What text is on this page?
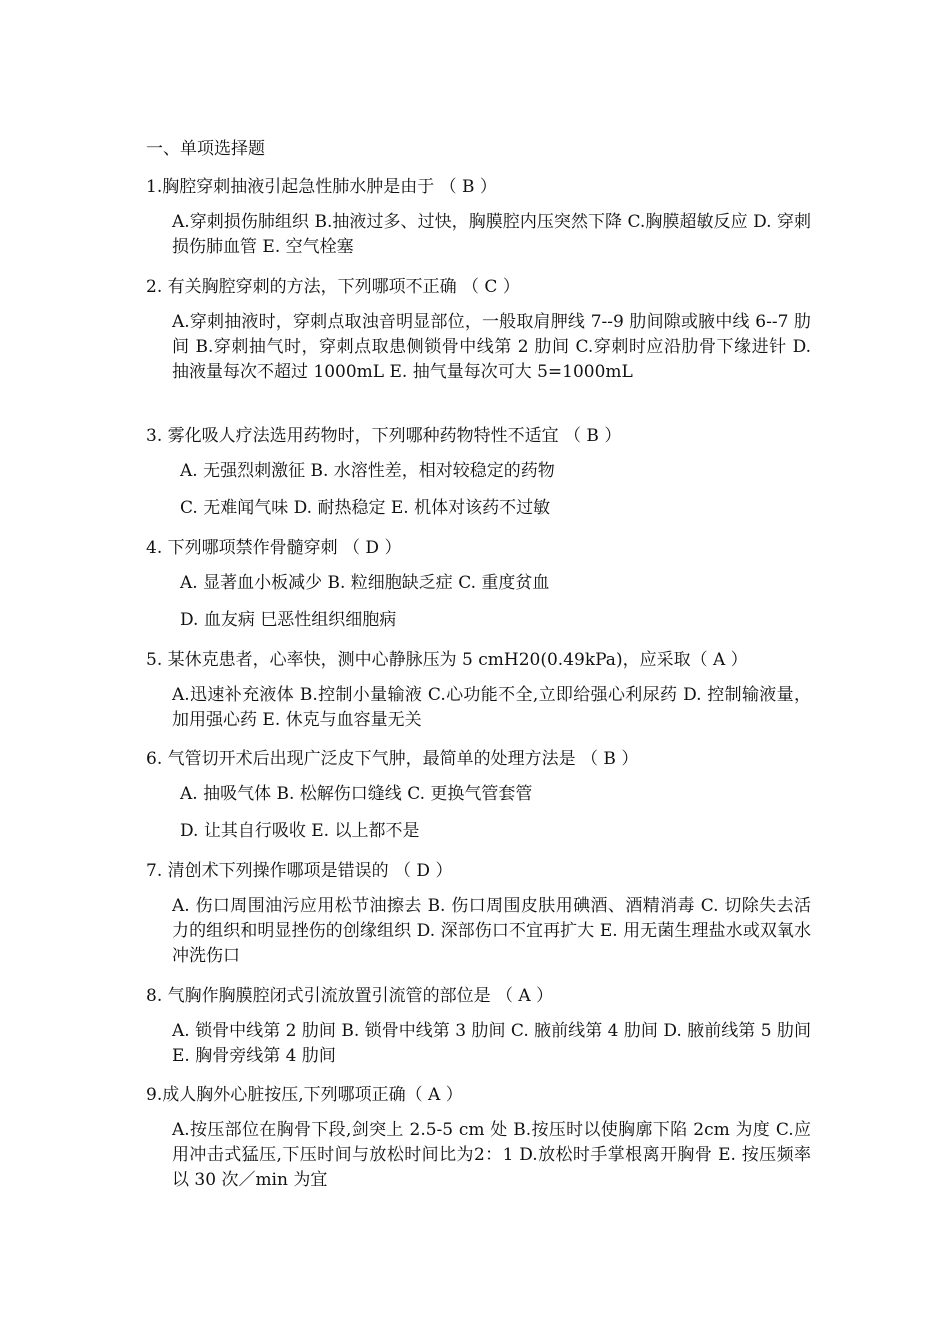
一、单项选择题
1.胸腔穿刺抽液引起急性肺水肿是由于 （ B ）

A.穿刺损伤肺组织 B.抽液过多、过快，胸膜腔内压突然下降 C.胸膜超敏反应 D. 穿刺损伤肺血管 E. 空气栓塞

2. 有关胸腔穿刺的方法，下列哪项不正确 （ C ）

A.穿刺抽液时，穿刺点取浊音明显部位，一般取肩胛线 7--9 肋间隙或腋中线 6--7 肋间 B.穿刺抽气时，穿刺点取患侧锁骨中线第 2 肋间 C.穿刺时应沿肋骨下缘进针 D. 抽液量每次不超过 1000mL E. 抽气量每次可大 5=1000mL

3. 雾化吸人疗法选用药物时，下列哪种药物特性不适宜 （ B ）

A. 无强烈刺激征 B. 水溶性差，相对较稳定的药物

C. 无难闻气味 D. 耐热稳定 E. 机体对该药不过敏

4. 下列哪项禁作骨髓穿刺 （ D ）

A. 显著血小板减少 B. 粒细胞缺乏症 C. 重度贫血

D. 血友病 巳恶性组织细胞病

5. 某休克患者，心率快，测中心静脉压为 5 cmH20(0.49kPa)，应采取（ A ）

A.迅速补充液体 B.控制小量输液 C.心功能不全,立即给强心利尿药 D. 控制输液量，加用强心药 E. 休克与血容量无关

6. 气管切开术后出现广泛皮下气肿，最简单的处理方法是 （ B ）

A. 抽吸气体 B. 松解伤口缝线 C. 更换气管套管

D. 让其自行吸收 E. 以上都不是

7. 清创术下列操作哪项是错误的 （ D ）

A. 伤口周围油污应用松节油擦去 B. 伤口周围皮肤用碘酒、酒精消毒 C. 切除失去活力的组织和明显挫伤的创缘组织 D. 深部伤口不宜再扩大 E. 用无菌生理盐水或双氧水冲洗伤口

8. 气胸作胸膜腔闭式引流放置引流管的部位是 （ A ）

A. 锁骨中线第 2 肋间 B. 锁骨中线第 3 肋间 C. 腋前线第 4 肋间 D. 腋前线第 5 肋间 E. 胸骨旁线第 4 肋间

9.成人胸外心脏按压,下列哪项正确（ A ）

A.按压部位在胸骨下段,剑突上 2.5-5 cm 处 B.按压时以使胸廓下陷 2cm 为度 C.应用冲击式猛压,下压时间与放松时间比为2：1 D.放松时手掌根离开胸骨 E. 按压频率以 30 次／min 为宜
